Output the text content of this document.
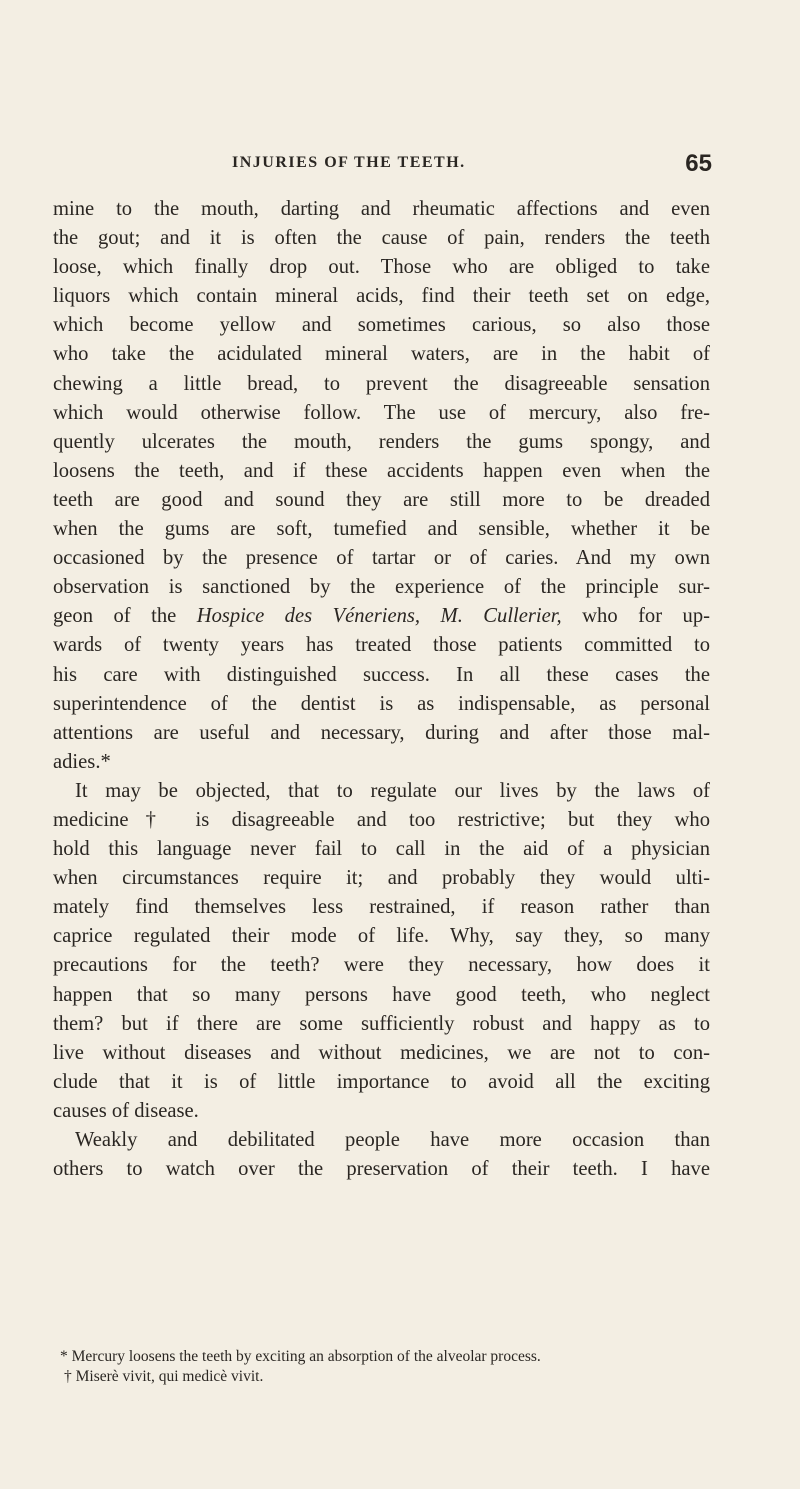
INJURIES OF THE TEETH.	65
mine to the mouth, darting and rheumatic affections and even
the gout; and it is often the cause of pain, renders the teeth
loose, which finally drop out. Those who are obliged to take
liquors which contain mineral acids, find their teeth set on edge,
which become yellow and sometimes carious, so also those
who take the acidulated mineral waters, are in the habit of
chewing a little bread, to prevent the disagreeable sensation
which would otherwise follow. The use of mercury, also fre-
quently ulcerates the mouth, renders the gums spongy, and
loosens the teeth, and if these accidents happen even when the
teeth are good and sound they are still more to be dreaded
when the gums are soft, tumefied and sensible, whether it be
occasioned by the presence of tartar or of caries. And my own
observation is sanctioned by the experience of the principle sur-
geon of the Hospice des Véneriens, M. Cullerier, who for up-
wards of twenty years has treated those patients committed to
his care with distinguished success. In all these cases the
superintendence of the dentist is as indispensable, as personal
attentions are useful and necessary, during and after those mal-
adies.*
It may be objected, that to regulate our lives by the laws of
medicine† is disagreeable and too restrictive; but they who
hold this language never fail to call in the aid of a physician
when circumstances require it; and probably they would ulti-
mately find themselves less restrained, if reason rather than
caprice regulated their mode of life. Why, say they, so many
precautions for the teeth? were they necessary, how does it
happen that so many persons have good teeth, who neglect
them? but if there are some sufficiently robust and happy as to
live without diseases and without medicines, we are not to con-
clude that it is of little importance to avoid all the exciting
causes of disease.
Weakly and debilitated people have more occasion than
others to watch over the preservation of their teeth. I have
* Mercury loosens the teeth by exciting an absorption of the alveolar process.
† Miserè vivit, qui medicè vivit.
